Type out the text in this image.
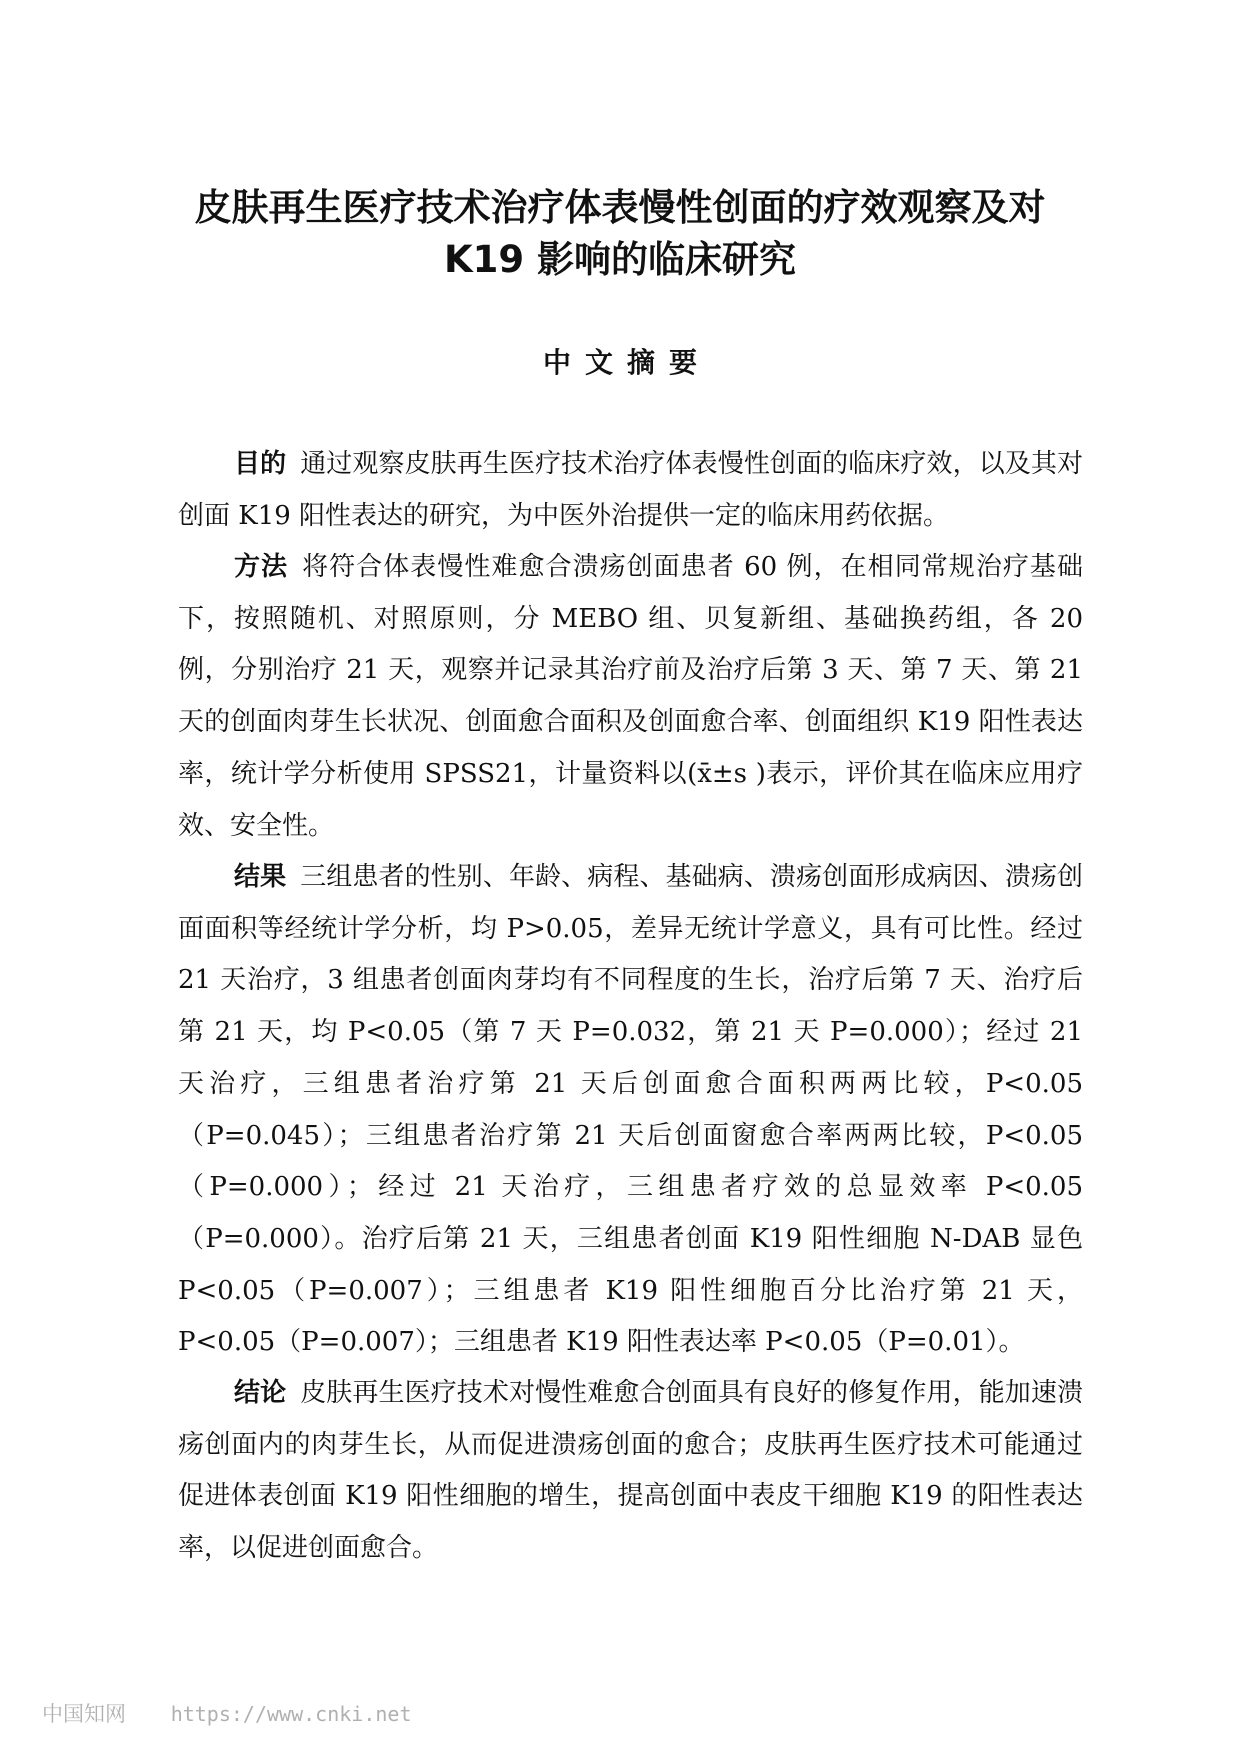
皮肤再生医疗技术治疗体表慢性创面的疗效观察及对
K19 影响的临床研究
中文摘要

目的 通过观察皮肤再生医疗技术治疗体表慢性创面的临床疗效，以及其对创面 K19 阳性表达的研究，为中医外治提供一定的临床用药依据。

方法 将符合体表慢性难愈合溃疡创面患者 60 例，在相同常规治疗基础下，按照随机、对照原则，分 MEBO 组、贝复新组、基础换药组，各 20 例，分别治疗 21 天，观察并记录其治疗前及治疗后第 3 天、第 7 天、第 21 天的创面肉芽生长状况、创面愈合面积及创面愈合率、创面组织 K19 阳性表达率，统计学分析使用 SPSS21，计量资料以(x̄±s )表示，评价其在临床应用疗效、安全性。

结果 三组患者的性别、年龄、病程、基础病、溃疡创面形成病因、溃疡创面面积等经统计学分析，均 P>0.05，差异无统计学意义，具有可比性。经过 21 天治疗，3 组患者创面肉芽均有不同程度的生长，治疗后第 7 天、治疗后第 21 天，均 P<0.05（第 7 天 P=0.032，第 21 天 P=0.000）；经过 21 天治疗，三组患者治疗第 21 天后创面愈合面积两两比较，P<0.05（P=0.045）；三组患者治疗第 21 天后创面窗愈合率两两比较，P<0.05（P=0.000）；经过 21 天治疗，三组患者疗效的总显效率 P<0.05（P=0.000）。治疗后第 21 天，三组患者创面 K19 阳性细胞 N-DAB 显色 P<0.05（P=0.007）；三组患者 K19 阳性细胞百分比治疗第 21 天，P<0.05（P=0.007）；三组患者 K19 阳性表达率 P<0.05（P=0.01）。

结论 皮肤再生医疗技术对慢性难愈合创面具有良好的修复作用，能加速溃疡创面内的肉芽生长，从而促进溃疡创面的愈合；皮肤再生医疗技术可能通过促进体表创面 K19 阳性细胞的增生，提高创面中表皮干细胞 K19 的阳性表达率，以促进创面愈合。

中国知网 https://www.cnki.net
